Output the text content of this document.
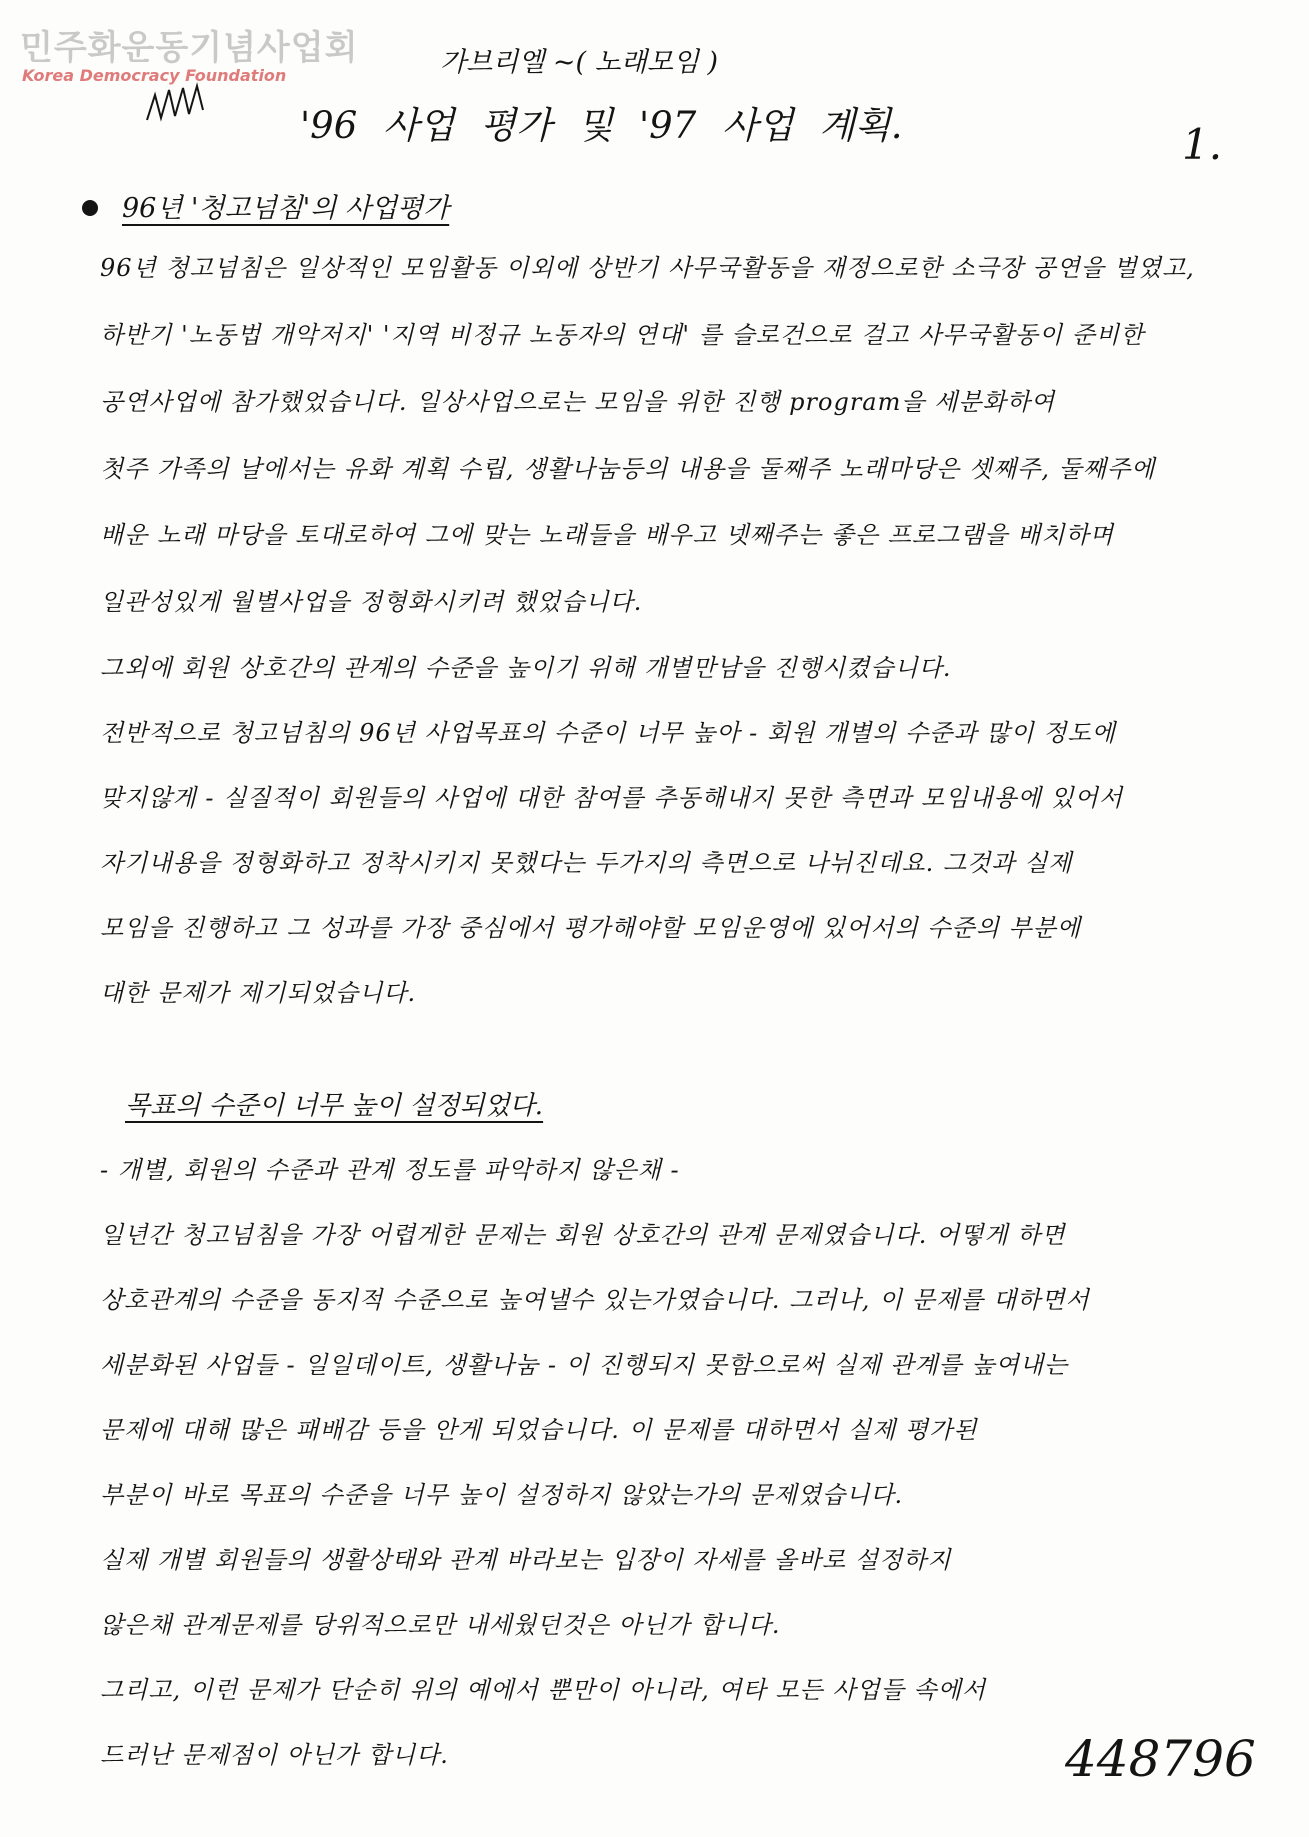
민주화운동기념사업회
Korea Democracy Foundation	가브리엘 ~( 노래모임 )
'96 사업 평가 및 '97 사업 계획.	1.
96년 '청고넘침'의 사업평가
96년 청고넘침은 일상적인 모임활동 이외에 상반기 사무국활동을 재정으로한 소극장 공연을 벌였고,
하반기 '노동법 개악저지' '지역 비정규 노동자의 연대' 를 슬로건으로 걸고 사무국활동이 준비한
공연사업에 참가했었습니다. 일상사업으로는 모임을 위한 진행 program을 세분화하여
첫주 가족의 날에서는 유화 계획 수립, 생활나눔등의 내용을 둘째주 노래마당은 셋째주, 둘째주에
배운 노래 마당을 토대로하여 그에 맞는 노래들을 배우고 넷째주는 좋은 프로그램을 배치하며
일관성있게 월별사업을 정형화시키려 했었습니다.
그외에 회원 상호간의 관계의 수준을 높이기 위해 개별만남을 진행시켰습니다.
전반적으로 청고넘침의 96년 사업목표의 수준이 너무 높아 - 회원 개별의 수준과 많이 정도에
맞지않게 - 실질적이 회원들의 사업에 대한 참여를 추동해내지 못한 측면과 모임내용에 있어서
자기내용을 정형화하고 정착시키지 못했다는 두가지의 측면으로 나뉘진데요. 그것과 실제
모임을 진행하고 그 성과를 가장 중심에서 평가해야할 모임운영에 있어서의 수준의 부분에
대한 문제가 제기되었습니다.
목표의 수준이 너무 높이 설정되었다.
- 개별, 회원의 수준과 관계 정도를 파악하지 않은채 -
일년간 청고넘침을 가장 어렵게한 문제는 회원 상호간의 관계 문제였습니다. 어떻게 하면
상호관계의 수준을 동지적 수준으로 높여낼수 있는가였습니다. 그러나, 이 문제를 대하면서
세분화된 사업들 - 일일데이트, 생활나눔 - 이 진행되지 못함으로써 실제 관계를 높여내는
문제에 대해 많은 패배감 등을 안게 되었습니다. 이 문제를 대하면서 실제 평가된
부분이 바로 목표의 수준을 너무 높이 설정하지 않았는가의 문제였습니다.
실제 개별 회원들의 생활상태와 관계 바라보는 입장이 자세를 올바로 설정하지
않은채 관계문제를 당위적으로만 내세웠던것은 아닌가 합니다.
그리고, 이런 문제가 단순히 위의 예에서 뿐만이 아니라, 여타 모든 사업들 속에서
드러난 문제점이 아닌가 합니다.	448796
